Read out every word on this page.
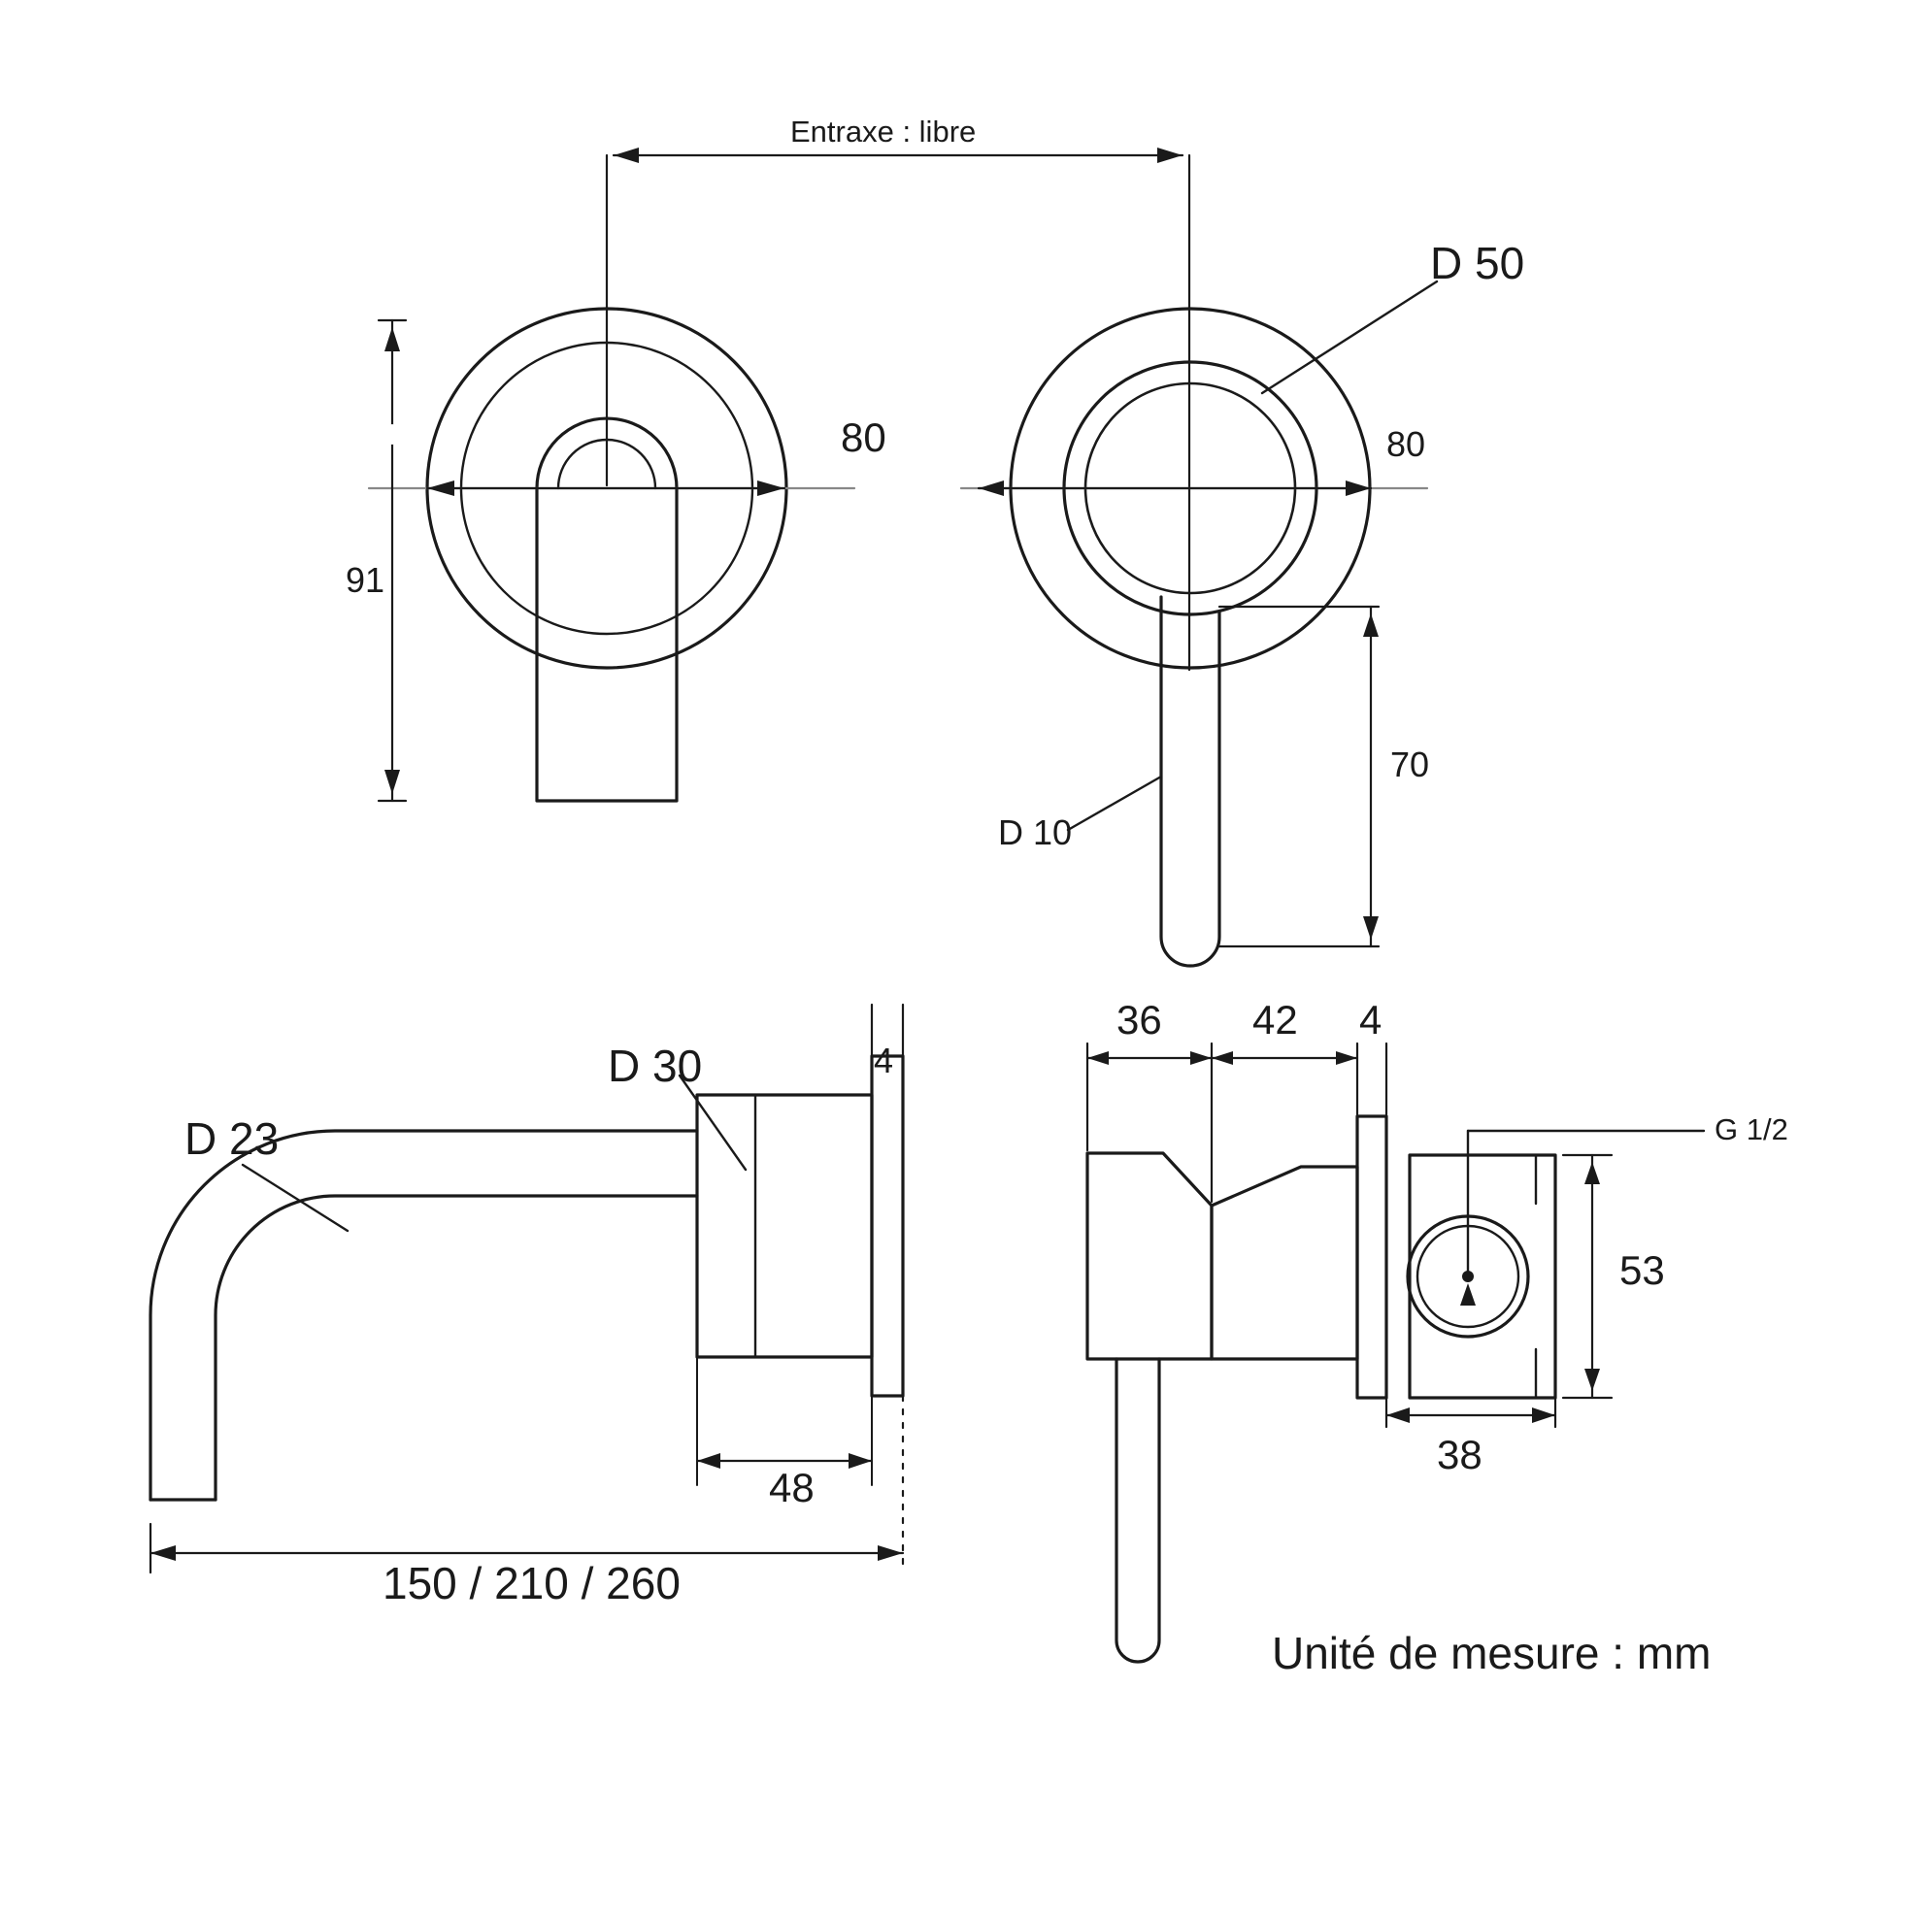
Entraxe : libre
80
91
D 50
80
D 10
70
D 23
D 30	4
48
150 / 210 / 260
36 42 4
G 1/2
53
38
Unité de mesure : mm
